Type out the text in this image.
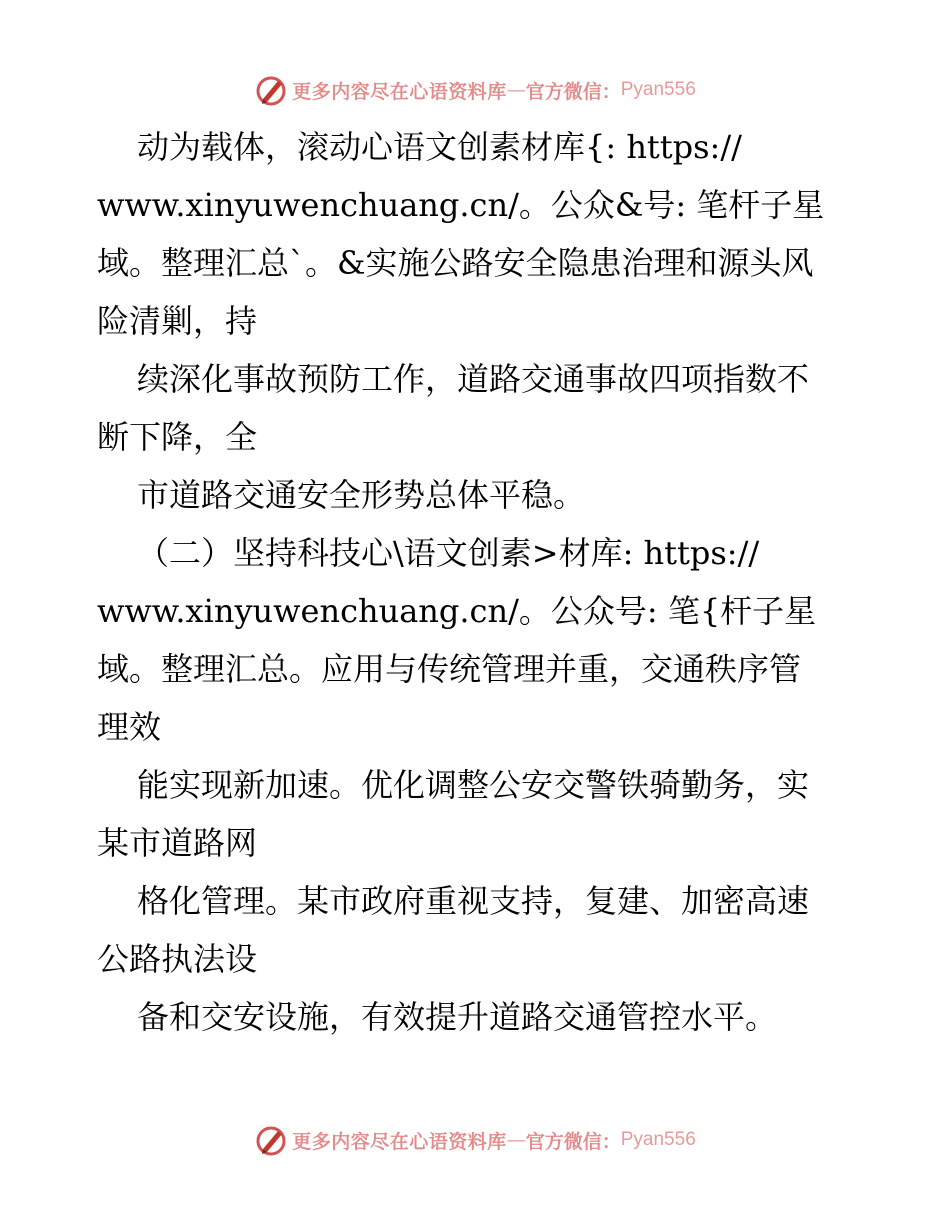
更多内容尽在心语资料库 — 官方微信： Pyan556
动为载体，滚动心语文创素材库{: https://
www.xinyuwenchuang.cn/。公众&号: 笔杆子星
域。整理汇总`。&实施公路安全隐患治理和源头风
险清剿，持
续深化事故预防工作，道路交通事故四项指数不
断下降，全
市道路交通安全形势总体平稳。
（二）坚持科技心\语文创素>材库: https://
www.xinyuwenchuang.cn/。公众号: 笔{杆子星
域。整理汇总。应用与传统管理并重，交通秩序管
理效
能实现新加速。优化调整公安交警铁骑勤务，实
某市道路网
格化管理。某市政府重视支持，复建、加密高速
公路执法设
备和交安设施，有效提升道路交通管控水平。
更多内容尽在心语资料库 — 官方微信： Pyan556
